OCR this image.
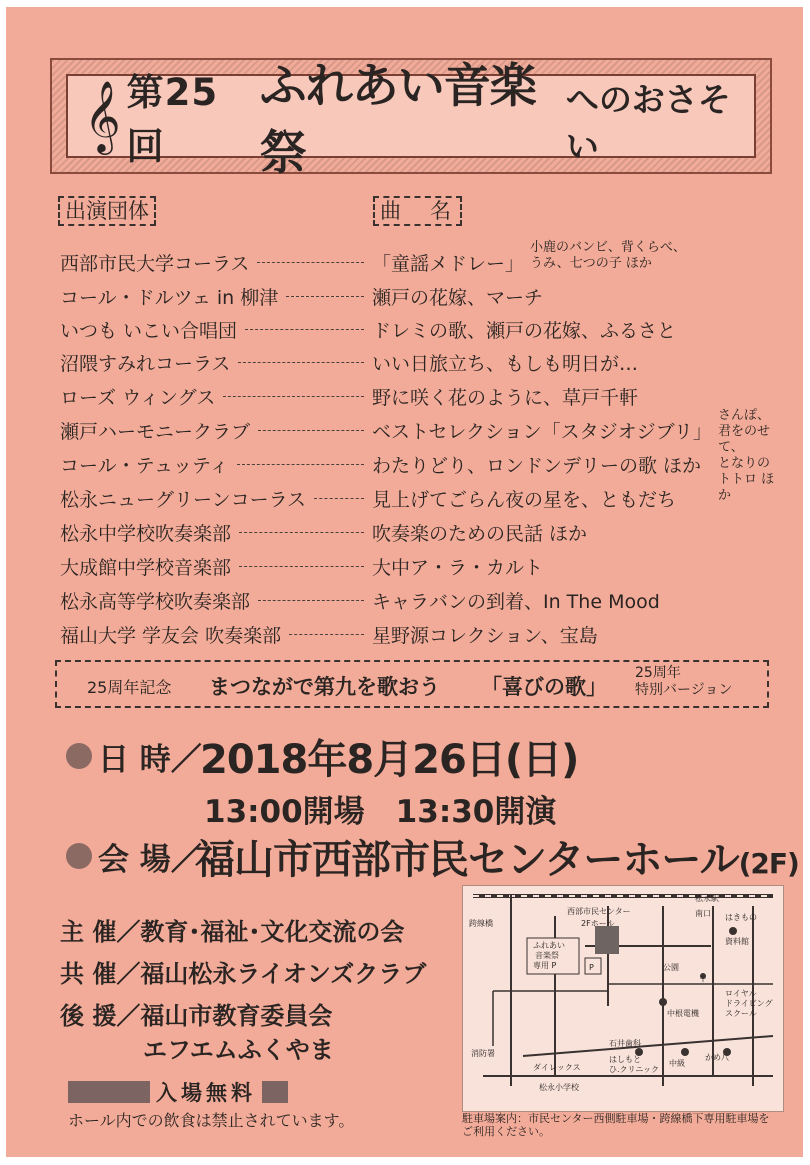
𝄞 第25回
ふれあい音楽祭
へのおさそい
出演団体	曲　名
西部市民大学コーラス	「童謡メドレー」
小鹿のバンビ、背くらべ、
うみ、七つの子 ほか
コール・ドルツェ in 柳津	瀬戸の花嫁、マーチ
いつも いこい合唱団	ドレミの歌、瀬戸の花嫁、ふるさと
沼隈すみれコーラス	いい日旅立ち、もしも明日が…
ローズ ウィングス	野に咲く花のように、草戸千軒
瀬戸ハーモニークラブ	ベストセレクション「スタジオジブリ」
さんぽ、君をのせて、
となりのトトロ ほか
コール・テュッティ	わたりどり、ロンドンデリーの歌 ほか
松永ニューグリーンコーラス	見上げてごらん夜の星を、ともだち
松永中学校吹奏楽部	吹奏楽のための民話 ほか
大成館中学校音楽部	大中ア・ラ・カルト
松永高等学校吹奏楽部	キャラバンの到着、In The Mood
福山大学 学友会 吹奏楽部	星野源コレクション、宝島
25周年記念 まつながで第九を歌おう 「喜びの歌」
25周年
特別バージョン
日 時／
2018年8月26日(日)
13:00開場　13:30開演
会 場／
福山市西部市民センターホール(2F)
主 催／教育･福祉･文化交流の会
共 催／福山松永ライオンズクラブ
後 援／福山市教育委員会
エフエムふくやま
入場無料
ホール内での飲食は禁止されています。
松永駅
西部市民センター
2Fホール
ふれあい
音楽祭
専用 P	P
南口 はきもの
資料館
公園
〒
中根電機
ロイヤル
ドライビング
スクール
石井歯科
はしもと
ひ.クリニック
中級
かめ八
ダイレックス
松永小学校
消防署
跨線橋
駐車場案内：市民センター西側駐車場・跨線橋下専用駐車場を
ご利用ください。
